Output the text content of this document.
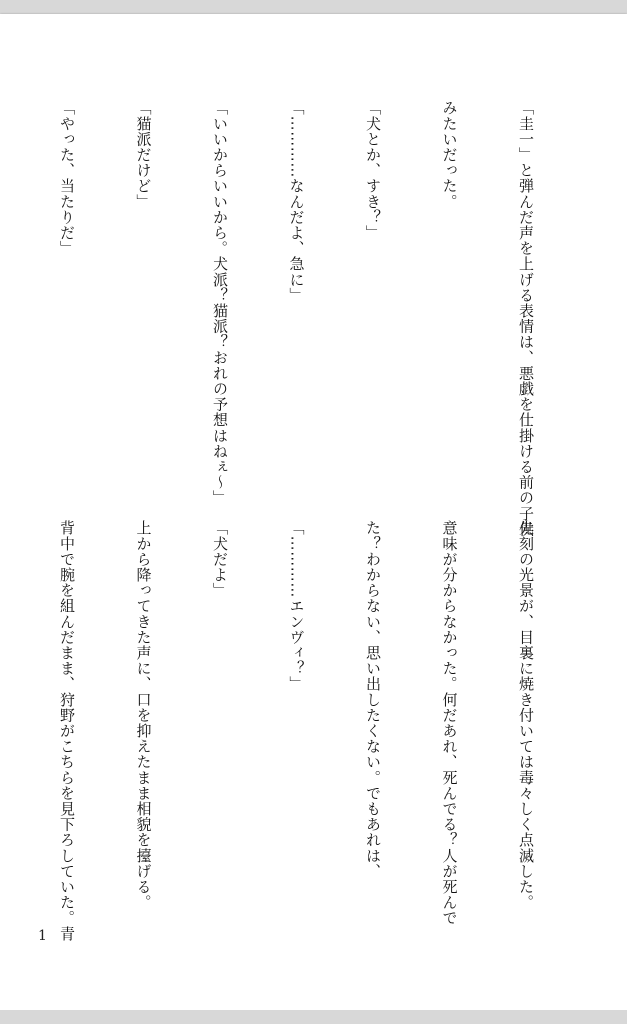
「圭一」と弾んだ声を上げる表情は、悪戯を仕掛ける前の子供

みたいだった。

「犬とか、すき？」

「…………なんだよ、急に」

「いいからいいから。犬派？猫派？おれの予想はねぇ～」

「猫派だけど」

「やった、当たりだ」

先刻の光景が、目裏に焼き付いては毒々しく点滅した。

意味が分からなかった。何だあれ、死んでる？人が死んで

た？わからない、思い出したくない。でもあれは、

「…………エンヴィ？」

「犬だよ」

上から降ってきた声に、口を抑えたまま相貌を擡げる。

背中で腕を組んだまま、狩野がこちらを見下ろしていた。青

1
